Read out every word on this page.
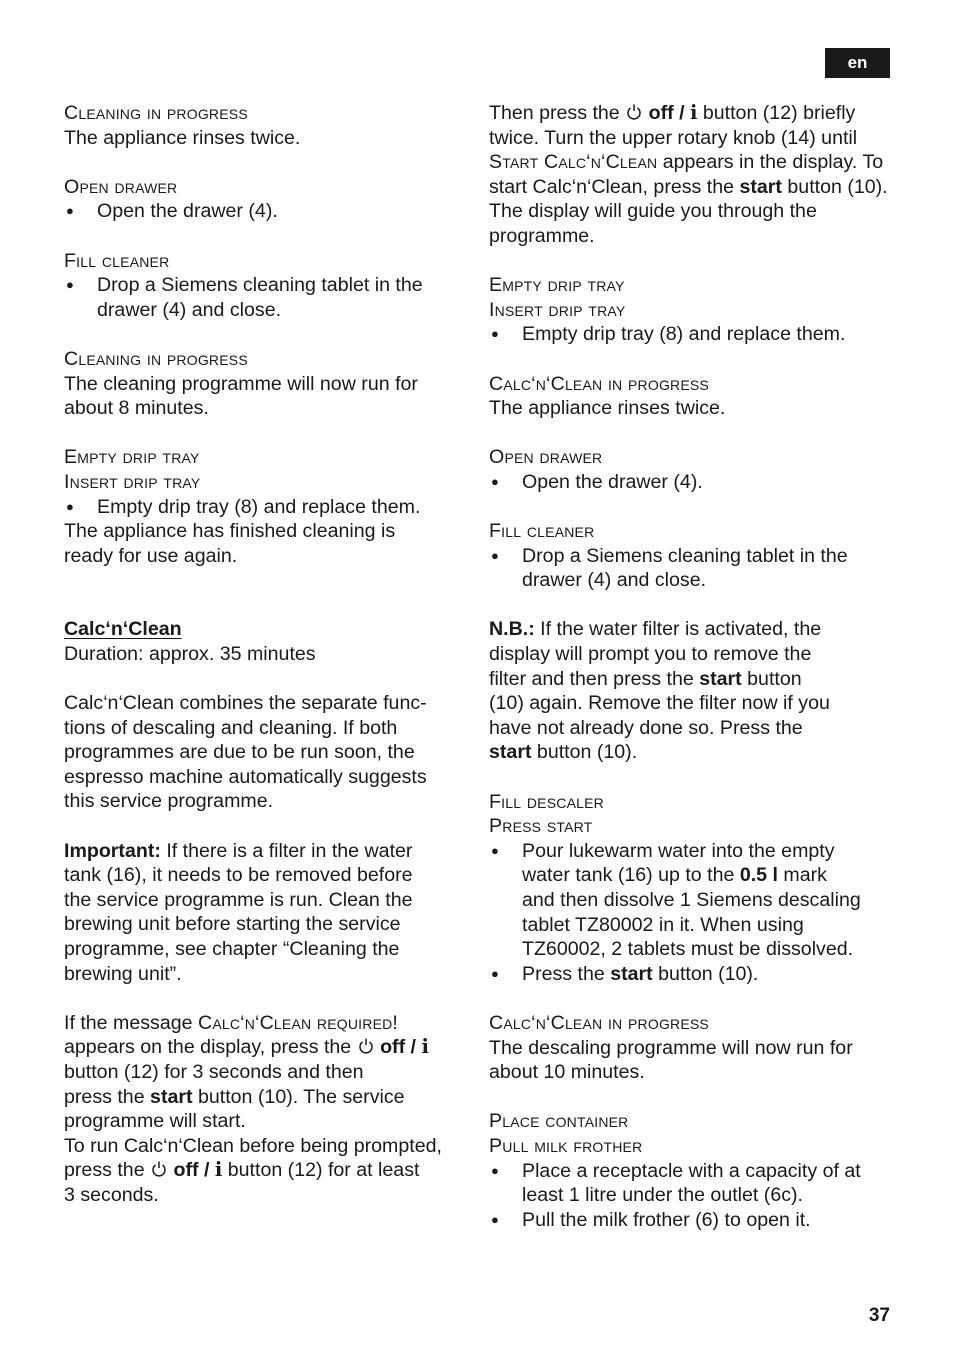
en

Cleaning in progress

The appliance rinses twice.

Open drawer

● Open the drawer (4).

Fill cleaner

● Drop a Siemens cleaning tablet in the

drawer (4) and close.

Cleaning in progress

The cleaning programme will now run for

about 8 minutes.

Empty drip tray

Insert drip tray

● Empty drip tray (8) and replace them.

The appliance has finished cleaning is

ready for use again.

Calc‘n‘Clean

Duration: approx. 35 minutes

Calc‘n‘Clean combines the separate func-

tions of descaling and cleaning. If both

programmes are due to be run soon, the

espresso machine automatically suggests

this service programme.

Important: If there is a filter in the water

tank (16), it needs to be removed before

the service programme is run. Clean the

brewing unit before starting the service

programme, see chapter “Cleaning the

brewing unit”.

If the message Calc‘n‘Clean required!

appears on the display, press the  off / i

button (12) for 3 seconds and then

press the start button (10). The service

programme will start.

To run Calc‘n‘Clean before being prompted,

press the  off / i button (12) for at least

3 seconds.

Then press the  off / i button (12) briefly

twice. Turn the upper rotary knob (14) until

Start Calc‘n‘Clean appears in the display. To

start Calc‘n‘Clean, press the start button (10).

The display will guide you through the

programme.

Empty drip tray

Insert drip tray

● Empty drip tray (8) and replace them.

Calc‘n‘Clean in progress

The appliance rinses twice.

Open drawer

● Open the drawer (4).

Fill cleaner

● Drop a Siemens cleaning tablet in the

drawer (4) and close.

N.B.: If the water filter is activated, the

display will prompt you to remove the

filter and then press the start button

(10) again. Remove the filter now if you

have not already done so. Press the

start button (10).

Fill descaler

Press start

● Pour lukewarm water into the empty

water tank (16) up to the 0.5 l mark

and then dissolve 1 Siemens descaling

tablet TZ80002 in it. When using

TZ60002, 2 tablets must be dissolved.

● Press the start button (10).

Calc‘n‘Clean in progress

The descaling programme will now run for

about 10 minutes.

Place container

Pull milk frother

● Place a receptacle with a capacity of at

least 1 litre under the outlet (6c).

● Pull the milk frother (6) to open it.

37
